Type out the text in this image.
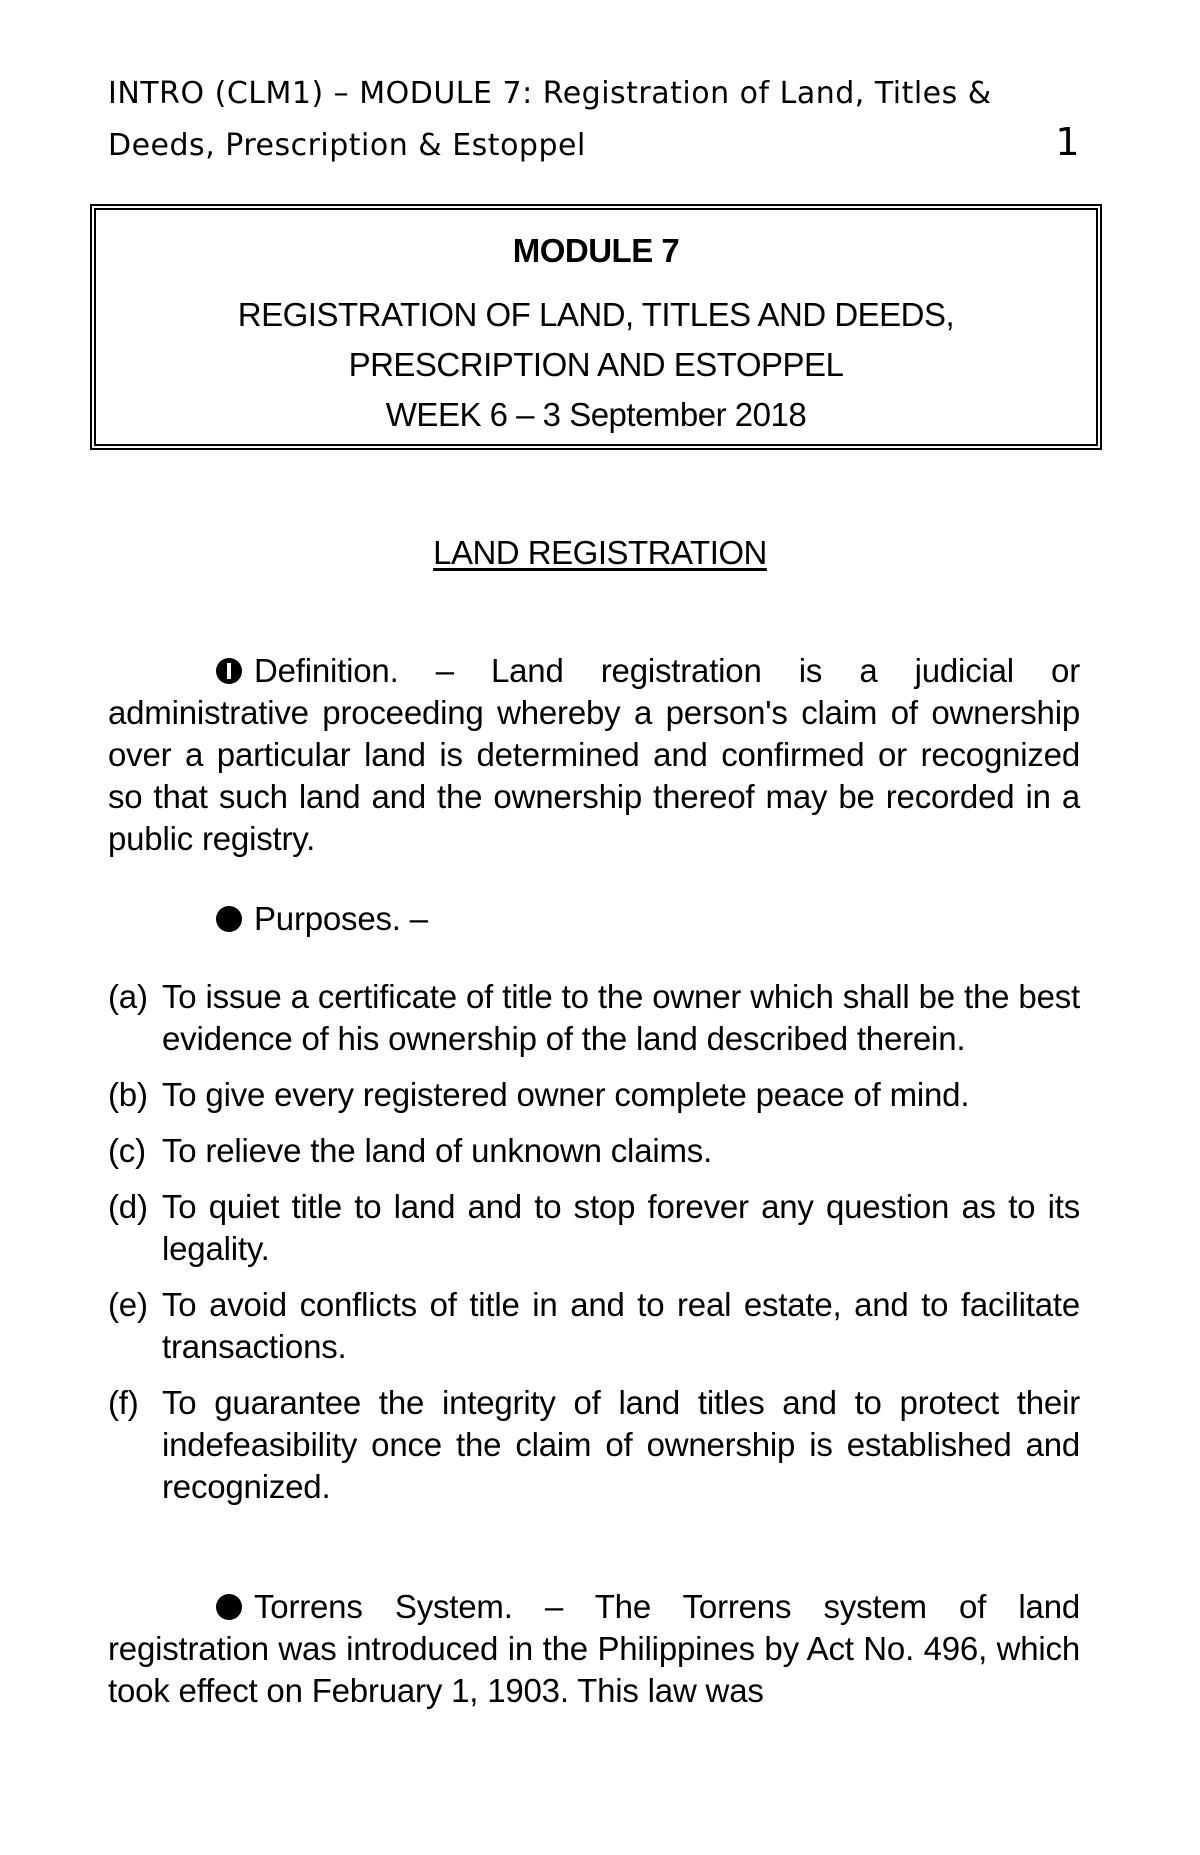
INTRO (CLM1) – MODULE 7: Registration of Land, Titles &
Deeds, Prescription & Estoppel	1
MODULE 7
REGISTRATION OF LAND, TITLES AND DEEDS,
PRESCRIPTION AND ESTOPPEL
WEEK 6 – 3 September 2018
LAND REGISTRATION
Definition. – Land registration is a judicial or administrative proceeding whereby a person's claim of ownership over a particular land is determined and confirmed or recognized so that such land and the ownership thereof may be recorded in a public registry.
Purposes. –
(a) To issue a certificate of title to the owner which shall be the best evidence of his ownership of the land described therein.
(b) To give every registered owner complete peace of mind.
(c) To relieve the land of unknown claims.
(d) To quiet title to land and to stop forever any question as to its legality.
(e) To avoid conflicts of title in and to real estate, and to facilitate transactions.
(f) To guarantee the integrity of land titles and to protect their indefeasibility once the claim of ownership is established and recognized.
Torrens System. – The Torrens system of land registration was introduced in the Philippines by Act No. 496, which took effect on February 1, 1903. This law was
